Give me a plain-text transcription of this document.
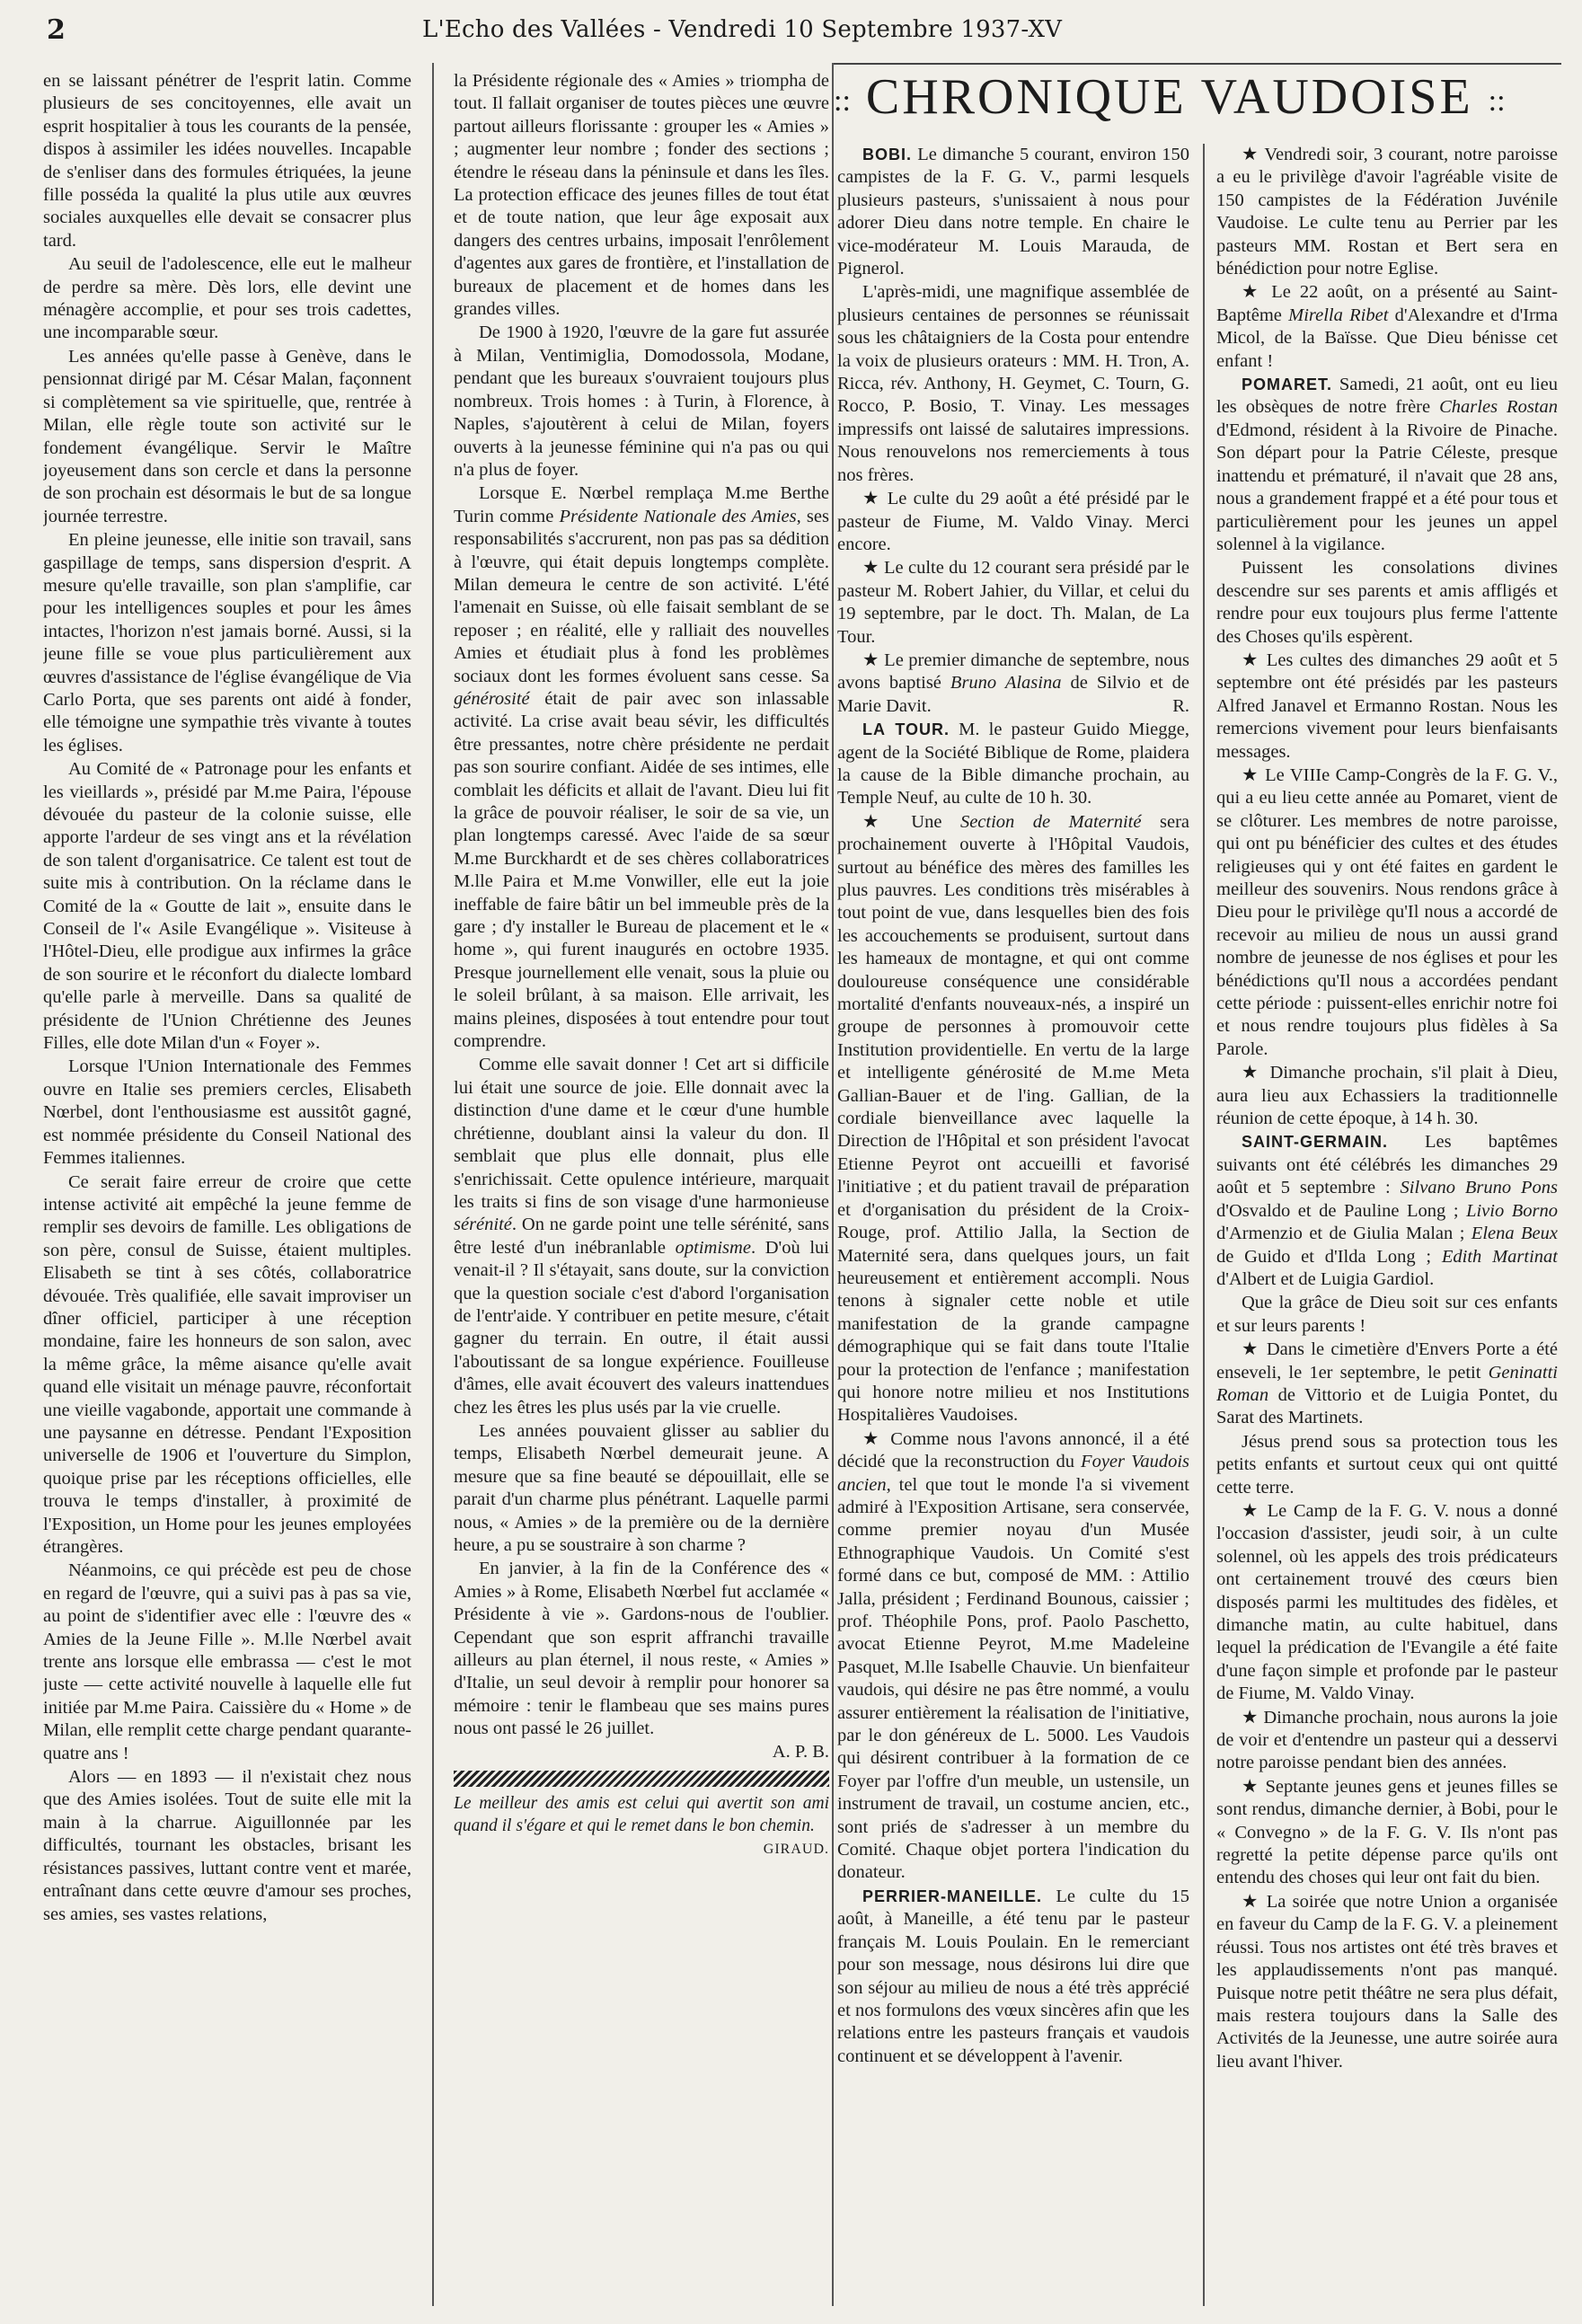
2	L'Echo des Vallées - Vendredi 10 Septembre 1937-XV

en se laissant pénétrer de l'esprit latin. Comme plusieurs de ses concitoyennes, elle avait un esprit hospitalier à tous les courants de la pensée, dispos à assimiler les idées nouvelles. Incapable de s'enliser dans des formules étriquées, la jeune fille posséda la qualité la plus utile aux œuvres sociales auxquelles elle devait se consacrer plus tard.

Au seuil de l'adolescence, elle eut le malheur de perdre sa mère. Dès lors, elle devint une ménagère accomplie, et pour ses trois cadettes, une incomparable sœur.

Les années qu'elle passe à Genève, dans le pensionnat dirigé par M. César Malan, façonnent si complètement sa vie spirituelle, que, rentrée à Milan, elle règle toute son activité sur le fondement évangélique. Servir le Maître joyeusement dans son cercle et dans la personne de son prochain est désormais le but de sa longue journée terrestre.

En pleine jeunesse, elle initie son travail, sans gaspillage de temps, sans dispersion d'esprit. A mesure qu'elle travaille, son plan s'amplifie, car pour les intelligences souples et pour les âmes intactes, l'horizon n'est jamais borné. Aussi, si la jeune fille se voue plus particulièrement aux œuvres d'assistance de l'église évangélique de Via Carlo Porta, que ses parents ont aidé à fonder, elle témoigne une sympathie très vivante à toutes les églises.

Au Comité de « Patronage pour les enfants et les vieillards », présidé par M.me Paira, l'épouse dévouée du pasteur de la colonie suisse, elle apporte l'ardeur de ses vingt ans et la révélation de son talent d'organisatrice. Ce talent est tout de suite mis à contribution. On la réclame dans le Comité de la « Goutte de lait », ensuite dans le Conseil de l'« Asile Evangélique ». Visiteuse à l'Hôtel-Dieu, elle prodigue aux infirmes la grâce de son sourire et le réconfort du dialecte lombard qu'elle parle à merveille. Dans sa qualité de présidente de l'Union Chrétienne des Jeunes Filles, elle dote Milan d'un « Foyer ».

Lorsque l'Union Internationale des Femmes ouvre en Italie ses premiers cercles, Elisabeth Nœrbel, dont l'enthousiasme est aussitôt gagné, est nommée présidente du Conseil National des Femmes italiennes.

Ce serait faire erreur de croire que cette intense activité ait empêché la jeune femme de remplir ses devoirs de famille. Les obligations de son père, consul de Suisse, étaient multiples. Elisabeth se tint à ses côtés, collaboratrice dévouée. Très qualifiée, elle savait improviser un dîner officiel, participer à une réception mondaine, faire les honneurs de son salon, avec la même grâce, la même aisance qu'elle avait quand elle visitait un ménage pauvre, réconfortait une vieille vagabonde, apportait une commande à une paysanne en détresse. Pendant l'Exposition universelle de 1906 et l'ouverture du Simplon, quoique prise par les réceptions officielles, elle trouva le temps d'installer, à proximité de l'Exposition, un Home pour les jeunes employées étrangères.

Néanmoins, ce qui précède est peu de chose en regard de l'œuvre, qui a suivi pas à pas sa vie, au point de s'identifier avec elle : l'œuvre des « Amies de la Jeune Fille ». M.lle Nœrbel avait trente ans lorsque elle embrassa — c'est le mot juste — cette activité nouvelle à laquelle elle fut initiée par M.me Paira. Caissière du « Home » de Milan, elle remplit cette charge pendant quarante-quatre ans !

Alors — en 1893 — il n'existait chez nous que des Amies isolées. Tout de suite elle mit la main à la charrue. Aiguillonnée par les difficultés, tournant les obstacles, brisant les résistances passives, luttant contre vent et marée, entraînant dans cette œuvre d'amour ses proches, ses amies, ses vastes relations,

la Présidente régionale des « Amies » triompha de tout. Il fallait organiser de toutes pièces une œuvre partout ailleurs florissante : grouper les « Amies » ; augmenter leur nombre ; fonder des sections ; étendre le réseau dans la péninsule et dans les îles. La protection efficace des jeunes filles de tout état et de toute nation, que leur âge exposait aux dangers des centres urbains, imposait l'enrôlement d'agentes aux gares de frontière, et l'installation de bureaux de placement et de homes dans les grandes villes.

De 1900 à 1920, l'œuvre de la gare fut assurée à Milan, Ventimiglia, Domodossola, Modane, pendant que les bureaux s'ouvraient toujours plus nombreux. Trois homes : à Turin, à Florence, à Naples, s'ajoutèrent à celui de Milan, foyers ouverts à la jeunesse féminine qui n'a pas ou qui n'a plus de foyer.

Lorsque E. Nœrbel remplaça M.me Berthe Turin comme Présidente Nationale des Amies, ses responsabilités s'accrurent, non pas pas sa dédition à l'œuvre, qui était depuis longtemps complète. Milan demeura le centre de son activité. L'été l'amenait en Suisse, où elle faisait semblant de se reposer ; en réalité, elle y ralliait des nouvelles Amies et étudiait plus à fond les problèmes sociaux dont les formes évoluent sans cesse. Sa générosité était de pair avec son inlassable activité. La crise avait beau sévir, les difficultés être pressantes, notre chère présidente ne perdait pas son sourire confiant. Aidée de ses intimes, elle comblait les déficits et allait de l'avant. Dieu lui fit la grâce de pouvoir réaliser, le soir de sa vie, un plan longtemps caressé. Avec l'aide de sa sœur M.me Burckhardt et de ses chères collaboratrices M.lle Paira et M.me Vonwiller, elle eut la joie ineffable de faire bâtir un bel immeuble près de la gare ; d'y installer le Bureau de placement et le « home », qui furent inaugurés en octobre 1935. Presque journellement elle venait, sous la pluie ou le soleil brûlant, à sa maison. Elle arrivait, les mains pleines, disposées à tout entendre pour tout comprendre.

Comme elle savait donner ! Cet art si difficile lui était une source de joie. Elle donnait avec la distinction d'une dame et le cœur d'une humble chrétienne, doublant ainsi la valeur du don. Il semblait que plus elle donnait, plus elle s'enrichissait. Cette opulence intérieure, marquait les traits si fins de son visage d'une harmonieuse sérénité. On ne garde point une telle sérénité, sans être lesté d'un inébranlable optimisme. D'où lui venait-il ? Il s'étayait, sans doute, sur la conviction que la question sociale c'est d'abord l'organisation de l'entr'aide. Y contribuer en petite mesure, c'était gagner du terrain. En outre, il était aussi l'aboutissant de sa longue expérience. Fouilleuse d'âmes, elle avait écouvert des valeurs inattendues chez les êtres les plus usés par la vie cruelle.

Les années pouvaient glisser au sablier du temps, Elisabeth Nœrbel demeurait jeune. A mesure que sa fine beauté se dépouillait, elle se parait d'un charme plus pénétrant. Laquelle parmi nous, « Amies » de la première ou de la dernière heure, a pu se soustraire à son charme ?

En janvier, à la fin de la Conférence des « Amies » à Rome, Elisabeth Nœrbel fut acclamée « Présidente à vie ». Gardons-nous de l'oublier. Cependant que son esprit affranchi travaille ailleurs au plan éternel, il nous reste, « Amies » d'Italie, un seul devoir à remplir pour honorer sa mémoire : tenir le flambeau que ses mains pures nous ont passé le 26 juillet.

A. P. B.

Le meilleur des amis est celui qui avertit son ami quand il s'égare et qui le remet dans le bon chemin.

GIRAUD.
:: CHRONIQUE VAUDOISE ::

BOBI. Le dimanche 5 courant, environ 150 campistes de la F. G. V., parmi lesquels plusieurs pasteurs, s'unissaient à nous pour adorer Dieu dans notre temple. En chaire le vice-modérateur M. Louis Marauda, de Pignerol.

L'après-midi, une magnifique assemblée de plusieurs centaines de personnes se réunissait sous les châtaigniers de la Costa pour entendre la voix de plusieurs orateurs : MM. H. Tron, A. Ricca, rév. Anthony, H. Geymet, C. Tourn, G. Rocco, P. Bosio, T. Vinay. Les messages impressifs ont laissé de salutaires impressions. Nous renouvelons nos remerciements à tous nos frères.

★ Le culte du 29 août a été présidé par le pasteur de Fiume, M. Valdo Vinay. Merci encore.

★ Le culte du 12 courant sera présidé par le pasteur M. Robert Jahier, du Villar, et celui du 19 septembre, par le doct. Th. Malan, de La Tour.

★ Le premier dimanche de septembre, nous avons baptisé Bruno Alasina de Silvio et de Marie Davit.	R.

LA TOUR. M. le pasteur Guido Miegge, agent de la Société Biblique de Rome, plaidera la cause de la Bible dimanche prochain, au Temple Neuf, au culte de 10 h. 30.

★ Une Section de Maternité sera prochainement ouverte à l'Hôpital Vaudois, surtout au bénéfice des mères des familles les plus pauvres. Les conditions très misérables à tout point de vue, dans lesquelles bien des fois les accouchements se produisent, surtout dans les hameaux de montagne, et qui ont comme douloureuse conséquence une considérable mortalité d'enfants nouveaux-nés, a inspiré un groupe de personnes à promouvoir cette Institution providentielle. En vertu de la large et intelligente générosité de M.me Meta Gallian-Bauer et de l'ing. Gallian, de la cordiale bienveillance avec laquelle la Direction de l'Hôpital et son président l'avocat Etienne Peyrot ont accueilli et favorisé l'initiative ; et du patient travail de préparation et d'organisation du président de la Croix-Rouge, prof. Attilio Jalla, la Section de Maternité sera, dans quelques jours, un fait heureusement et entièrement accompli. Nous tenons à signaler cette noble et utile manifestation de la grande campagne démographique qui se fait dans toute l'Italie pour la protection de l'enfance ; manifestation qui honore notre milieu et nos Institutions Hospitalières Vaudoises.

★ Comme nous l'avons annoncé, il a été décidé que la reconstruction du Foyer Vaudois ancien, tel que tout le monde l'a si vivement admiré à l'Exposition Artisane, sera conservée, comme premier noyau d'un Musée Ethnographique Vaudois. Un Comité s'est formé dans ce but, composé de MM. : Attilio Jalla, président ; Ferdinand Bounous, caissier ; prof. Théophile Pons, prof. Paolo Paschetto, avocat Etienne Peyrot, M.me Madeleine Pasquet, M.lle Isabelle Chauvie. Un bienfaiteur vaudois, qui désire ne pas être nommé, a voulu assurer entièrement la réalisation de l'initiative, par le don généreux de L. 5000. Les Vaudois qui désirent contribuer à la formation de ce Foyer par l'offre d'un meuble, un ustensile, un instrument de travail, un costume ancien, etc., sont priés de s'adresser à un membre du Comité. Chaque objet portera l'indication du donateur.

PERRIER-MANEILLE. Le culte du 15 août, à Maneille, a été tenu par le pasteur français M. Louis Poulain. En le remerciant pour son message, nous désirons lui dire que son séjour au milieu de nous a été très apprécié et nos formulons des vœux sincères afin que les relations entre les pasteurs français et vaudois continuent et se développent à l'avenir.

★ Vendredi soir, 3 courant, notre paroisse a eu le privilège d'avoir l'agréable visite de 150 campistes de la Fédération Juvénile Vaudoise. Le culte tenu au Perrier par les pasteurs MM. Rostan et Bert sera en bénédiction pour notre Eglise.

★ Le 22 août, on a présenté au Saint-Baptême Mirella Ribet d'Alexandre et d'Irma Micol, de la Baïsse. Que Dieu bénisse cet enfant !

POMARET. Samedi, 21 août, ont eu lieu les obsèques de notre frère Charles Rostan d'Edmond, résident à la Rivoire de Pinache. Son départ pour la Patrie Céleste, presque inattendu et prématuré, il n'avait que 28 ans, nous a grandement frappé et a été pour tous et particulièrement pour les jeunes un appel solennel à la vigilance.

Puissent les consolations divines descendre sur ses parents et amis affligés et rendre pour eux toujours plus ferme l'attente des Choses qu'ils espèrent.

★ Les cultes des dimanches 29 août et 5 septembre ont été présidés par les pasteurs Alfred Janavel et Ermanno Rostan. Nous les remercions vivement pour leurs bienfaisants messages.

★ Le VIIIe Camp-Congrès de la F. G. V., qui a eu lieu cette année au Pomaret, vient de se clôturer. Les membres de notre paroisse, qui ont pu bénéficier des cultes et des études religieuses qui y ont été faites en gardent le meilleur des souvenirs. Nous rendons grâce à Dieu pour le privilège qu'Il nous a accordé de recevoir au milieu de nous un aussi grand nombre de jeunesse de nos églises et pour les bénédictions qu'Il nous a accordées pendant cette période : puissent-elles enrichir notre foi et nous rendre toujours plus fidèles à Sa Parole.

★ Dimanche prochain, s'il plait à Dieu, aura lieu aux Echassiers la traditionnelle réunion de cette époque, à 14 h. 30.

SAINT-GERMAIN. Les baptêmes suivants ont été célébrés les dimanches 29 août et 5 septembre : Silvano Bruno Pons d'Osvaldo et de Pauline Long ; Livio Borno d'Armenzio et de Giulia Malan ; Elena Beux de Guido et d'Ilda Long ; Edith Martinat d'Albert et de Luigia Gardiol.

Que la grâce de Dieu soit sur ces enfants et sur leurs parents !

★ Dans le cimetière d'Envers Porte a été enseveli, le 1er septembre, le petit Geninatti Roman de Vittorio et de Luigia Pontet, du Sarat des Martinets.

Jésus prend sous sa protection tous les petits enfants et surtout ceux qui ont quitté cette terre.

★ Le Camp de la F. G. V. nous a donné l'occasion d'assister, jeudi soir, à un culte solennel, où les appels des trois prédicateurs ont certainement trouvé des cœurs bien disposés parmi les multitudes des fidèles, et dimanche matin, au culte habituel, dans lequel la prédication de l'Evangile a été faite d'une façon simple et profonde par le pasteur de Fiume, M. Valdo Vinay.

★ Dimanche prochain, nous aurons la joie de voir et d'entendre un pasteur qui a desservi notre paroisse pendant bien des années.

★ Septante jeunes gens et jeunes filles se sont rendus, dimanche dernier, à Bobi, pour le « Convegno » de la F. G. V. Ils n'ont pas regretté la petite dépense parce qu'ils ont entendu des choses qui leur ont fait du bien.

★ La soirée que notre Union a organisée en faveur du Camp de la F. G. V. a pleinement réussi. Tous nos artistes ont été très braves et les applaudissements n'ont pas manqué. Puisque notre petit théâtre ne sera plus défait, mais restera toujours dans la Salle des Activités de la Jeunesse, une autre soirée aura lieu avant l'hiver.
